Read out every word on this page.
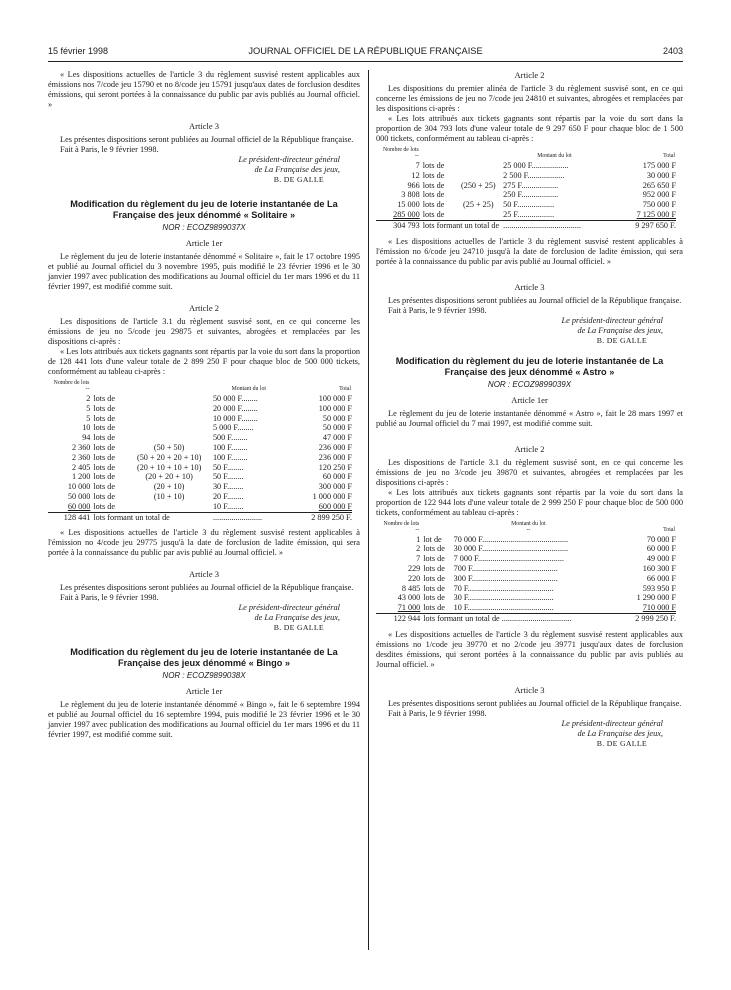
15 février 1998	JOURNAL OFFICIEL DE LA RÉPUBLIQUE FRANÇAISE	2403

« Les dispositions actuelles de l'article 3 du règlement susvisé restent applicables aux émissions nos 7/code jeu 15790 et no 8/code jeu 15791 jusqu'aux dates de forclusion desdites émissions, qui seront portées à la connaissance du public par avis publiés au Journal officiel. »

Article 3

Les présentes dispositions seront publiées au Journal officiel de la République française.

Fait à Paris, le 9 février 1998.

Le président-directeur général
de La Française des jeux,
B. DE GALLE
Modification du règlement du jeu de loterie instantanée de La Française des jeux dénommé « Solitaire »
NOR : ECOZ9899037X
Article 1er

Le règlement du jeu de loterie instantanée dénommé « Solitaire », fait le 17 octobre 1995 et publié au Journal officiel du 3 novembre 1995, puis modifié le 23 février 1996 et le 30 janvier 1997 avec publication des modifications au Journal officiel du 1er mars 1996 et du 11 février 1997, est modifié comme suit.

Article 2

Les dispositions de l'article 3.1 du règlement susvisé sont, en ce qui concerne les émissions de jeu no 5/code jeu 29875 et suivantes, abrogées et remplacées par les dispositions ci-après :

« Les lots attribués aux tickets gagnants sont répartis par la voie du sort dans la proportion de 128 441 lots d'une valeur totale de 2 899 250 F pour chaque bloc de 500 000 tickets, conformément au tableau ci-après :

Nombre de lots
--			Montant du lot	Total
2	lots de		50 000 F........	100 000 F
5	lots de		20 000 F........	100 000 F
5	lots de		10 000 F........	50 000 F
10	lots de		5 000 F........	50 000 F
94	lots de		500 F........	47 000 F
2 360	lots de	(50 + 50)	100 F........	236 000 F
2 360	lots de	(50 + 20 + 20 + 10)	100 F........	236 000 F
2 405	lots de	(20 + 10 + 10 + 10)	50 F........	120 250 F
1 200	lots de	(20 + 20 + 10)	50 F........	60 000 F
10 000	lots de	(20 + 10)	30 F........	300 000 F
50 000	lots de	(10 + 10)	20 F........	1 000 000 F
60 000	lots de		10 F........	600 000 F
128 441	lots formant un total de		........................	2 899 250 F.

« Les dispositions actuelles de l'article 3 du règlement susvisé restent applicables à l'émission no 4/code jeu 29775 jusqu'à la date de forclusion de ladite émission, qui sera portée à la connaissance du public par avis publié au Journal officiel. »

Article 3

Les présentes dispositions seront publiées au Journal officiel de la République française.

Fait à Paris, le 9 février 1998.

Le président-directeur général
de La Française des jeux,
B. DE GALLE
Modification du règlement du jeu de loterie instantanée de La Française des jeux dénommé « Bingo »
NOR : ECOZ9899038X
Article 1er

Le règlement du jeu de loterie instantanée dénommé « Bingo », fait le 6 septembre 1994 et publié au Journal officiel du 16 septembre 1994, puis modifié le 23 février 1996 et le 30 janvier 1997 avec publication des modifications au Journal officiel du 1er mars 1996 et du 11 février 1997, est modifié comme suit.

Article 2

Les dispositions du premier alinéa de l'article 3 du règlement susvisé sont, en ce qui concerne les émissions de jeu no 7/code jeu 24810 et suivantes, abrogées et remplacées par les dispositions ci-après :

« Les lots attribués aux tickets gagnants sont répartis par la voie du sort dans la proportion de 304 793 lots d'une valeur totale de 9 297 650 F pour chaque bloc de 1 500 000 tickets, conformément au tableau ci-après :

Nombre de lots
--			Montant du lot	Total
7	lots de		25 000 F..................	175 000 F
12	lots de		2 500 F..................	30 000 F
966	lots de	(250 + 25)	275 F..................	265 650 F
3 808	lots de		250 F..................	952 000 F
15 000	lots de	(25 + 25)	50 F..................	750 000 F
285 000	lots de		25 F..................	7 125 000 F
304 793	lots formant un total de		......................................	9 297 650 F.

« Les dispositions actuelles de l'article 3 du règlement susvisé restent applicables à l'émission no 6/code jeu 24710 jusqu'à la date de forclusion de ladite émission, qui sera portée à la connaissance du public par avis publié au Journal officiel. »

Article 3

Les présentes dispositions seront publiées au Journal officiel de la République française.

Fait à Paris, le 9 février 1998.

Le président-directeur général
de La Française des jeux,
B. DE GALLE
Modification du règlement du jeu de loterie instantanée de La Française des jeux dénommé « Astro »
NOR : ECOZ9899039X
Article 1er

Le règlement du jeu de loterie instantanée dénommé « Astro », fait le 28 mars 1997 et publié au Journal officiel du 7 mai 1997, est modifié comme suit.

Article 2

Les dispositions de l'article 3.1 du règlement susvisé sont, en ce qui concerne les émissions de jeu no 3/code jeu 39870 et suivantes, abrogées et remplacées par les dispositions ci-après :

« Les lots attribués aux tickets gagnants sont répartis par la voie du sort dans la proportion de 122 944 lots d'une valeur totale de 2 999 250 F pour chaque bloc de 500 000 tickets, conformément au tableau ci-après :

Nombre de lots
--		Montant du lot
--	Total
1	lot de	70 000 F..........................................	70 000 F
2	lots de	30 000 F..........................................	60 000 F
7	lots de	7 000 F..........................................	49 000 F
229	lots de	700 F..........................................	160 300 F
220	lots de	300 F..........................................	66 000 F
8 485	lots de	70 F..........................................	593 950 F
43 000	lots de	30 F..........................................	1 290 000 F
71 000	lots de	10 F..........................................	710 000 F
122 944	lots formant un total de ..................................		2 999 250 F.

« Les dispositions actuelles de l'article 3 du règlement susvisé restent applicables aux émissions no 1/code jeu 39770 et no 2/code jeu 39771 jusqu'aux dates de forclusion desdites émissions, qui seront portées à la connaissance du public par avis publiés au Journal officiel. »

Article 3

Les présentes dispositions seront publiées au Journal officiel de la République française.

Fait à Paris, le 9 février 1998.

Le président-directeur général
de La Française des jeux,
B. DE GALLE
